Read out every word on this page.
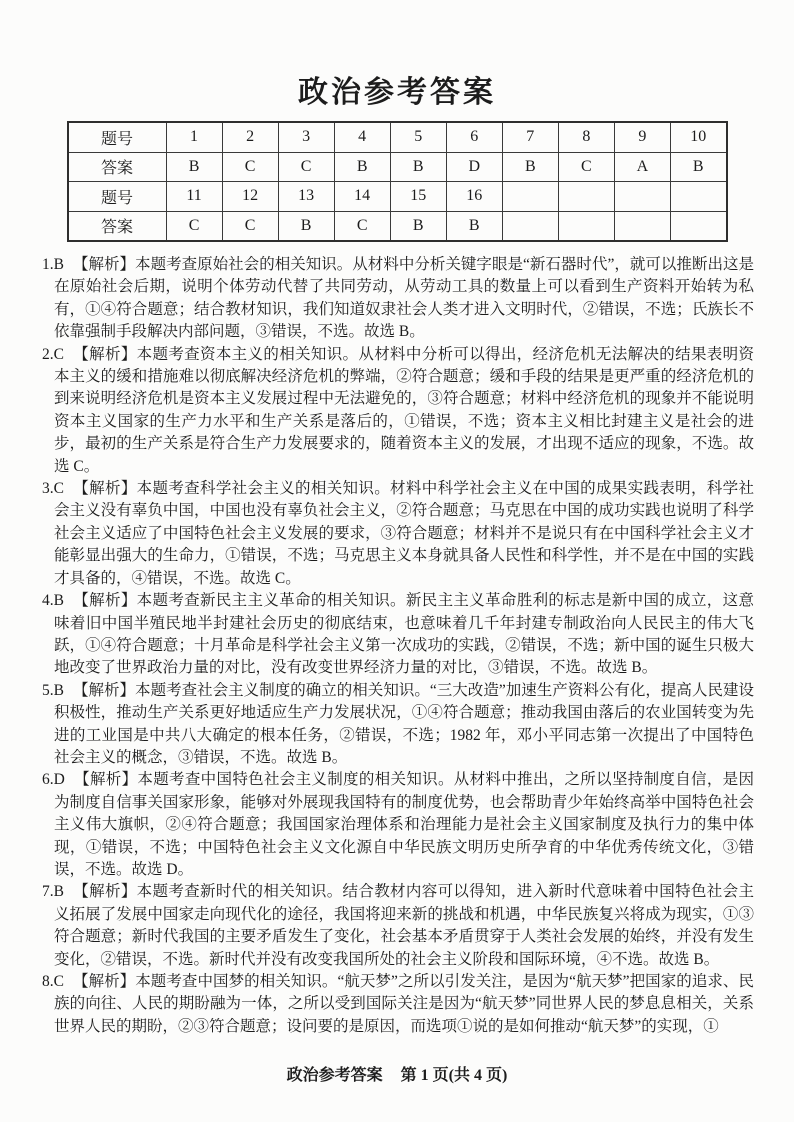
政治参考答案
题号	1	2	3	4	5	6	7	8	9	10
答案	B	C	C	B	B	D	B	C	A	B
题号	11	12	13	14	15	16				
答案	C	C	B	C	B	B				
1.B 【解析】本题考查原始社会的相关知识。从材料中分析关键字眼是“新石器时代”，就可以推断出这是在原始社会后期，说明个体劳动代替了共同劳动，从劳动工具的数量上可以看到生产资料开始转为私有，①④符合题意；结合教材知识，我们知道奴隶社会人类才进入文明时代，②错误，不选；氏族长不依靠强制手段解决内部问题，③错误，不选。故选 B。
2.C 【解析】本题考查资本主义的相关知识。从材料中分析可以得出，经济危机无法解决的结果表明资本主义的缓和措施难以彻底解决经济危机的弊端，②符合题意；缓和手段的结果是更严重的经济危机的到来说明经济危机是资本主义发展过程中无法避免的，③符合题意；材料中经济危机的现象并不能说明资本主义国家的生产力水平和生产关系是落后的，①错误，不选；资本主义相比封建主义是社会的进步，最初的生产关系是符合生产力发展要求的，随着资本主义的发展，才出现不适应的现象，不选。故选 C。
3.C 【解析】本题考查科学社会主义的相关知识。材料中科学社会主义在中国的成果实践表明，科学社会主义没有辜负中国，中国也没有辜负社会主义，②符合题意；马克思在中国的成功实践也说明了科学社会主义适应了中国特色社会主义发展的要求，③符合题意；材料并不是说只有在中国科学社会主义才能彰显出强大的生命力，①错误，不选；马克思主义本身就具备人民性和科学性，并不是在中国的实践才具备的，④错误，不选。故选 C。
4.B 【解析】本题考查新民主主义革命的相关知识。新民主主义革命胜利的标志是新中国的成立，这意味着旧中国半殖民地半封建社会历史的彻底结束，也意味着几千年封建专制政治向人民民主的伟大飞跃，①④符合题意；十月革命是科学社会主义第一次成功的实践，②错误，不选；新中国的诞生只极大地改变了世界政治力量的对比，没有改变世界经济力量的对比，③错误，不选。故选 B。
5.B 【解析】本题考查社会主义制度的确立的相关知识。“三大改造”加速生产资料公有化，提高人民建设积极性，推动生产关系更好地适应生产力发展状况，①④符合题意；推动我国由落后的农业国转变为先进的工业国是中共八大确定的根本任务，②错误，不选；1982 年，邓小平同志第一次提出了中国特色社会主义的概念，③错误，不选。故选 B。
6.D 【解析】本题考查中国特色社会主义制度的相关知识。从材料中推出，之所以坚持制度自信，是因为制度自信事关国家形象，能够对外展现我国特有的制度优势，也会帮助青少年始终高举中国特色社会主义伟大旗帜，②④符合题意；我国国家治理体系和治理能力是社会主义国家制度及执行力的集中体现，①错误，不选；中国特色社会主义文化源自中华民族文明历史所孕育的中华优秀传统文化，③错误，不选。故选 D。
7.B 【解析】本题考查新时代的相关知识。结合教材内容可以得知，进入新时代意味着中国特色社会主义拓展了发展中国家走向现代化的途径，我国将迎来新的挑战和机遇，中华民族复兴将成为现实，①③符合题意；新时代我国的主要矛盾发生了变化，社会基本矛盾贯穿于人类社会发展的始终，并没有发生变化，②错误，不选。新时代并没有改变我国所处的社会主义阶段和国际环境，④不选。故选 B。
8.C 【解析】本题考查中国梦的相关知识。“航天梦”之所以引发关注，是因为“航天梦”把国家的追求、民族的向往、人民的期盼融为一体，之所以受到国际关注是因为“航天梦”同世界人民的梦息息相关，关系世界人民的期盼，②③符合题意；设问要的是原因，而选项①说的是如何推动“航天梦”的实现，①
政治参考答案 第 1 页(共 4 页)
